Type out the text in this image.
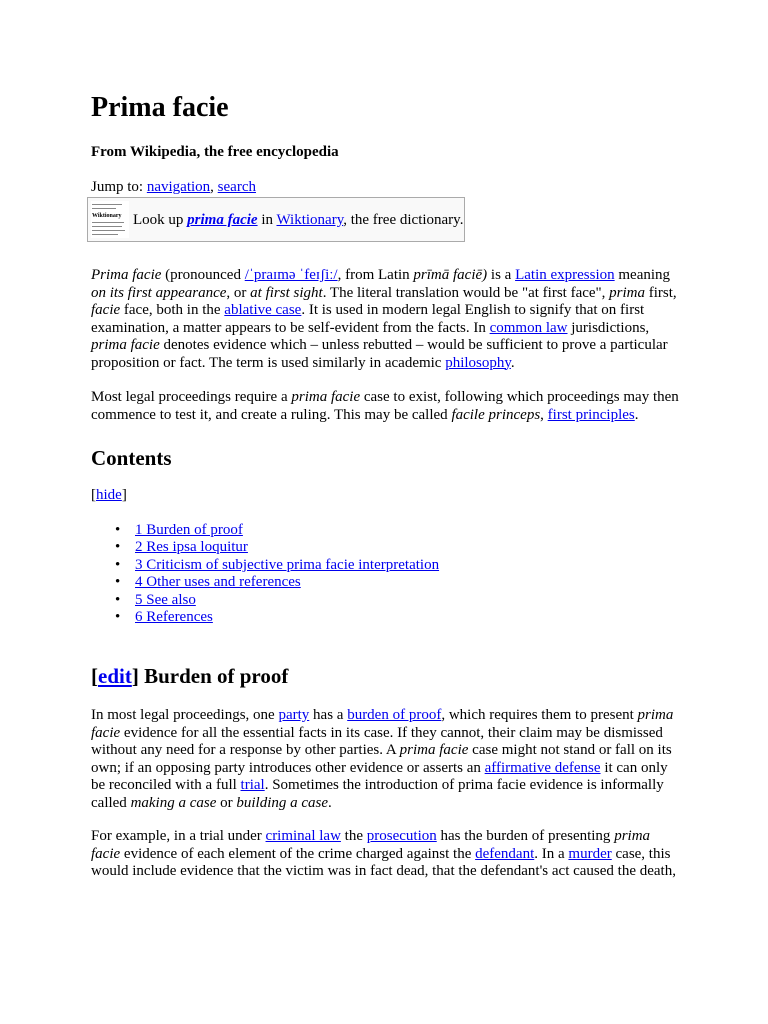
Prima facie
From Wikipedia, the free encyclopedia
Jump to: navigation, search
Wiktionary Look up prima facie in Wiktionary, the free dictionary.

Prima facie (pronounced /ˈpraɪmə ˈfeɪʃiː/, from Latin prīmā faciē) is a Latin expression meaning on its first appearance, or at first sight. The literal translation would be "at first face", prima first, facie face, both in the ablative case. It is used in modern legal English to signify that on first examination, a matter appears to be self-evident from the facts. In common law jurisdictions, prima facie denotes evidence which – unless rebutted – would be sufficient to prove a particular proposition or fact. The term is used similarly in academic philosophy.

Most legal proceedings require a prima facie case to exist, following which proceedings may then commence to test it, and create a ruling. This may be called facile princeps, first principles.

Contents
[hide]
• 1 Burden of proof
• 2 Res ipsa loquitur
• 3 Criticism of subjective prima facie interpretation
• 4 Other uses and references
• 5 See also
• 6 References
[edit] Burden of proof

In most legal proceedings, one party has a burden of proof, which requires them to present prima facie evidence for all the essential facts in its case. If they cannot, their claim may be dismissed without any need for a response by other parties. A prima facie case might not stand or fall on its own; if an opposing party introduces other evidence or asserts an affirmative defense it can only be reconciled with a full trial. Sometimes the introduction of prima facie evidence is informally called making a case or building a case.

For example, in a trial under criminal law the prosecution has the burden of presenting prima facie evidence of each element of the crime charged against the defendant. In a murder case, this would include evidence that the victim was in fact dead, that the defendant's act caused the death,
